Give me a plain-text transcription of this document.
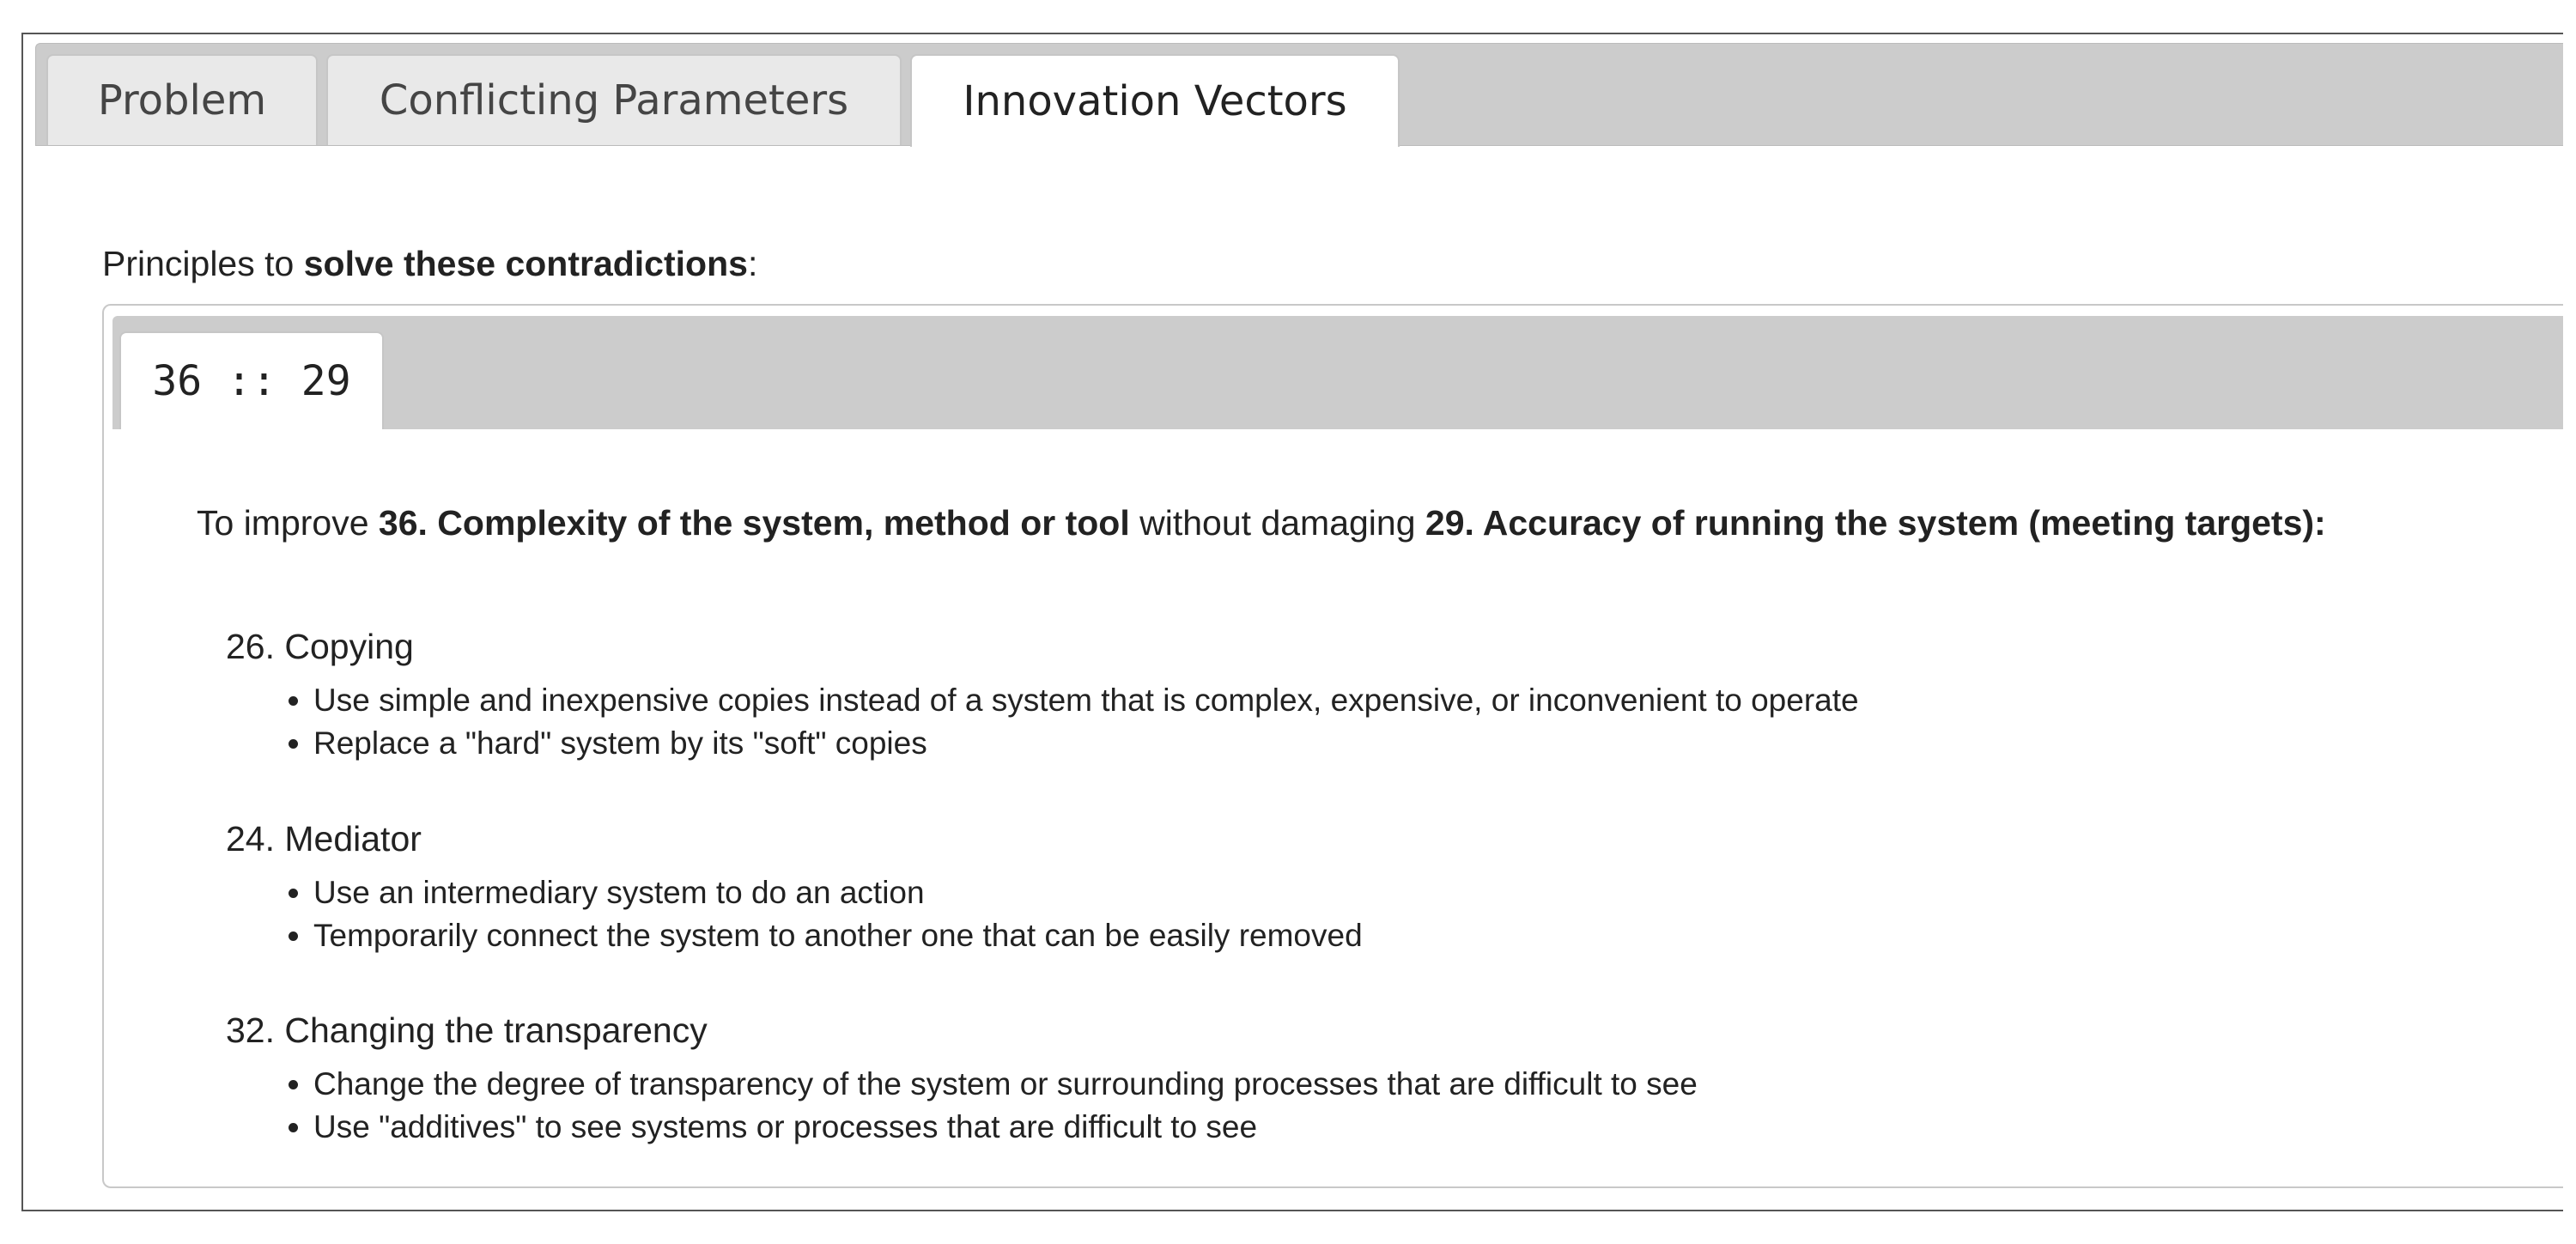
Problem	Conflicting Parameters	Innovation Vectors
Principles to solve these contradictions:
36 :: 29
To improve 36. Complexity of the system, method or tool without damaging 29. Accuracy of running the system (meeting targets):

26. Copying

• Use simple and inexpensive copies instead of a system that is complex, expensive, or inconvenient to operate
• Replace a "hard" system by its "soft" copies

24. Mediator

• Use an intermediary system to do an action
• Temporarily connect the system to another one that can be easily removed

32. Changing the transparency

• Change the degree of transparency of the system or surrounding processes that are difficult to see
• Use "additives" to see systems or processes that are difficult to see
